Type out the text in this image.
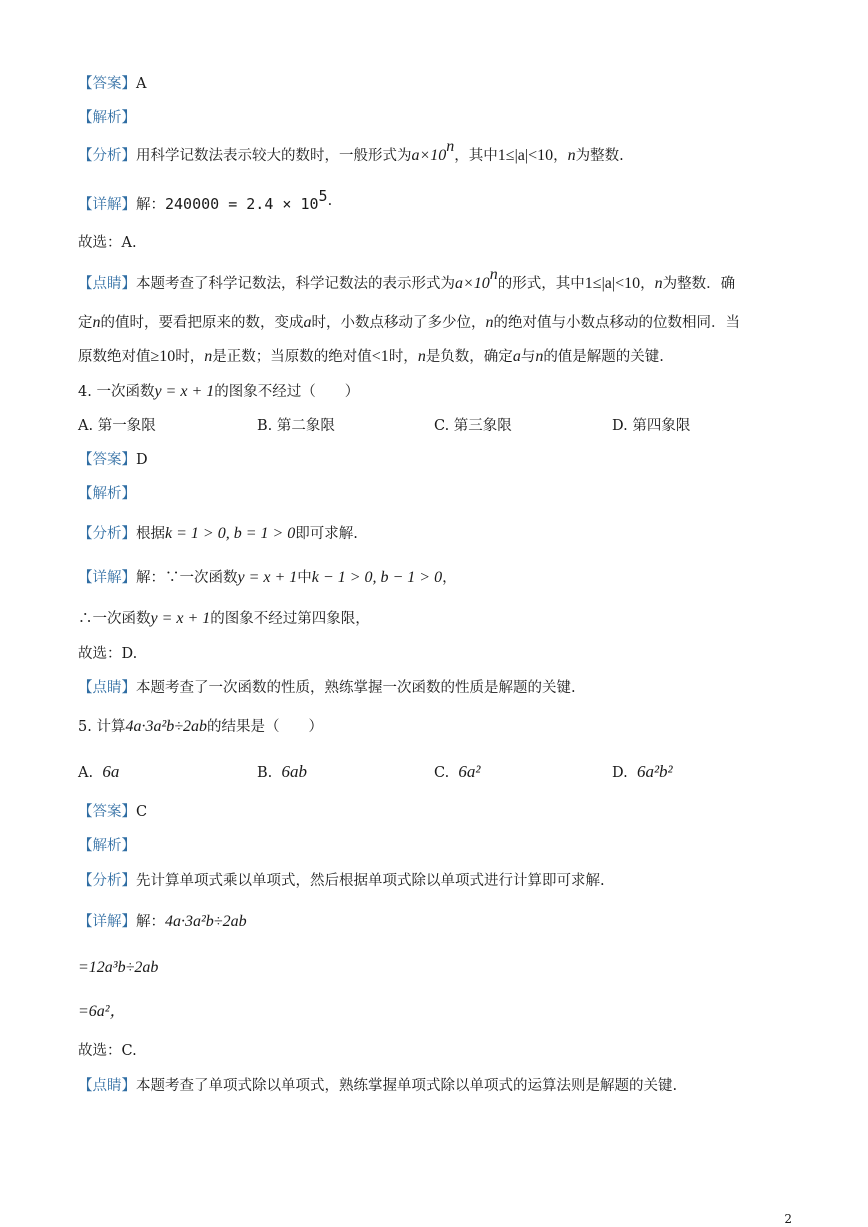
【答案】A
【解析】
【分析】用科学记数法表示较大的数时，一般形式为$a\times 10^n$，其中1≤|a|<10，n为整数.
【详解】解：$240000 = 2.4 \times 10^5\cdot$
故选：A.
【点睛】本题考查了科学记数法，科学记数法的表示形式为$a\times 10^n$的形式，其中1≤|a|<10，n为整数．确
定n的值时，要看把原来的数，变成a时，小数点移动了多少位，n的绝对值与小数点移动的位数相同．当
原数绝对值≥10时，n是正数；当原数的绝对值<1时，n是负数，确定a与n的值是解题的关键.
4. 一次函数y = x + 1的图象不经过（　　）
A. 第一象限	B. 第二象限	C. 第三象限	D. 第四象限
【答案】D
【解析】
【分析】根据k = 1 > 0, b = 1 > 0即可求解.
【详解】解：∵一次函数y = x + 1中k − 1 > 0, b − 1 > 0，
∴一次函数y = x + 1的图象不经过第四象限，
故选：D.
【点睛】本题考查了一次函数的性质，熟练掌握一次函数的性质是解题的关键.
5. 计算4a·3a²b÷2ab的结果是（　　）
A. 6a	B. 6ab	C. 6a²	D. 6a²b²
【答案】C
【解析】
【分析】先计算单项式乘以单项式，然后根据单项式除以单项式进行计算即可求解.
【详解】解：4a·3a²b÷2ab
=12a³b÷2ab
=6a²，
故选：C.
【点睛】本题考查了单项式除以单项式，熟练掌握单项式除以单项式的运算法则是解题的关键.
2
